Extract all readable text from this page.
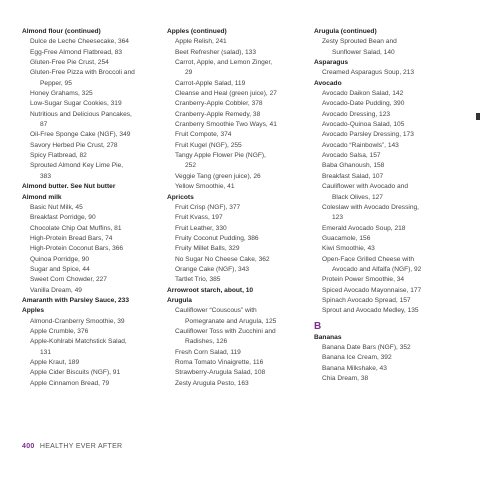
Almond flour (continued)
Dulce de Leche Cheesecake, 364
Egg-Free Almond Flatbread, 83
Gluten-Free Pie Crust, 254
Gluten-Free Pizza with Broccoli and
Pepper, 95
Honey Grahams, 325
Low-Sugar Sugar Cookies, 319
Nutritious and Delicious Pancakes,
87
Oil-Free Sponge Cake (NGF), 349
Savory Herbed Pie Crust, 278
Spicy Flatbread, 82
Sprouted Almond Key Lime Pie,
383
Almond butter. See Nut butter
Almond milk
Basic Nut Milk, 45
Breakfast Porridge, 90
Chocolate Chip Oat Muffins, 81
High-Protein Bread Bars, 74
High-Protein Coconut Bars, 366
Quinoa Porridge, 90
Sugar and Spice, 44
Sweet Corn Chowder, 227
Vanilla Dream, 49
Amaranth with Parsley Sauce, 233
Apples
Almond-Cranberry Smoothie, 39
Apple Crumble, 376
Apple-Kohlrabi Matchstick Salad,
131
Apple Kraut, 189
Apple Cider Biscuits (NGF), 91
Apple Cinnamon Bread, 79
Apples (continued)
Apple Relish, 241
Beet Refresher (salad), 133
Carrot, Apple, and Lemon Zinger,
29
Carrot-Apple Salad, 119
Cleanse and Heal (green juice), 27
Cranberry-Apple Cobbler, 378
Cranberry-Apple Remedy, 38
Cranberry Smoothie Two Ways, 41
Fruit Compote, 374
Fruit Kugel (NGF), 255
Tangy Apple Flower Pie (NGF),
252
Veggie Tang (green juice), 26
Yellow Smoothie, 41
Apricots
Fruit Crisp (NGF), 377
Fruit Kvass, 197
Fruit Leather, 330
Fruity Coconut Pudding, 386
Fruity Millet Balls, 329
No Sugar No Cheese Cake, 362
Orange Cake (NGF), 343
Tartlet Trio, 385
Arrowroot starch, about, 10
Arugula
Cauliflower “Couscous” with
Pomegranate and Arugula, 125
Cauliflower Toss with Zucchini and
Radishes, 126
Fresh Corn Salad, 119
Roma Tomato Vinaigrette, 116
Strawberry-Arugula Salad, 108
Zesty Arugula Pesto, 163
Arugula (continued)
Zesty Sprouted Bean and
Sunflower Salad, 140
Asparagus
Creamed Asparagus Soup, 213
Avocado
Avocado Daikon Salad, 142
Avocado-Date Pudding, 390
Avocado Dressing, 123
Avocado-Quinoa Salad, 105
Avocado Parsley Dressing, 173
Avocado “Rainbowls”, 143
Avocado Salsa, 157
Baba Ghanoush, 158
Breakfast Salad, 107
Cauliflower with Avocado and
Black Olives, 127
Coleslaw with Avocado Dressing,
123
Emerald Avocado Soup, 218
Guacamole, 156
Kiwi Smoothie, 43
Open-Face Grilled Cheese with
Avocado and Alfalfa (NGF), 92
Protein Power Smoothie, 34
Spiced Avocado Mayonnaise, 177
Spinach Avocado Spread, 157
Sprout and Avocado Medley, 135
B
Bananas
Banana Date Bars (NGF), 352
Banana Ice Cream, 392
Banana Milkshake, 43
Chia Dream, 38
400 HEALTHY EVER AFTER
